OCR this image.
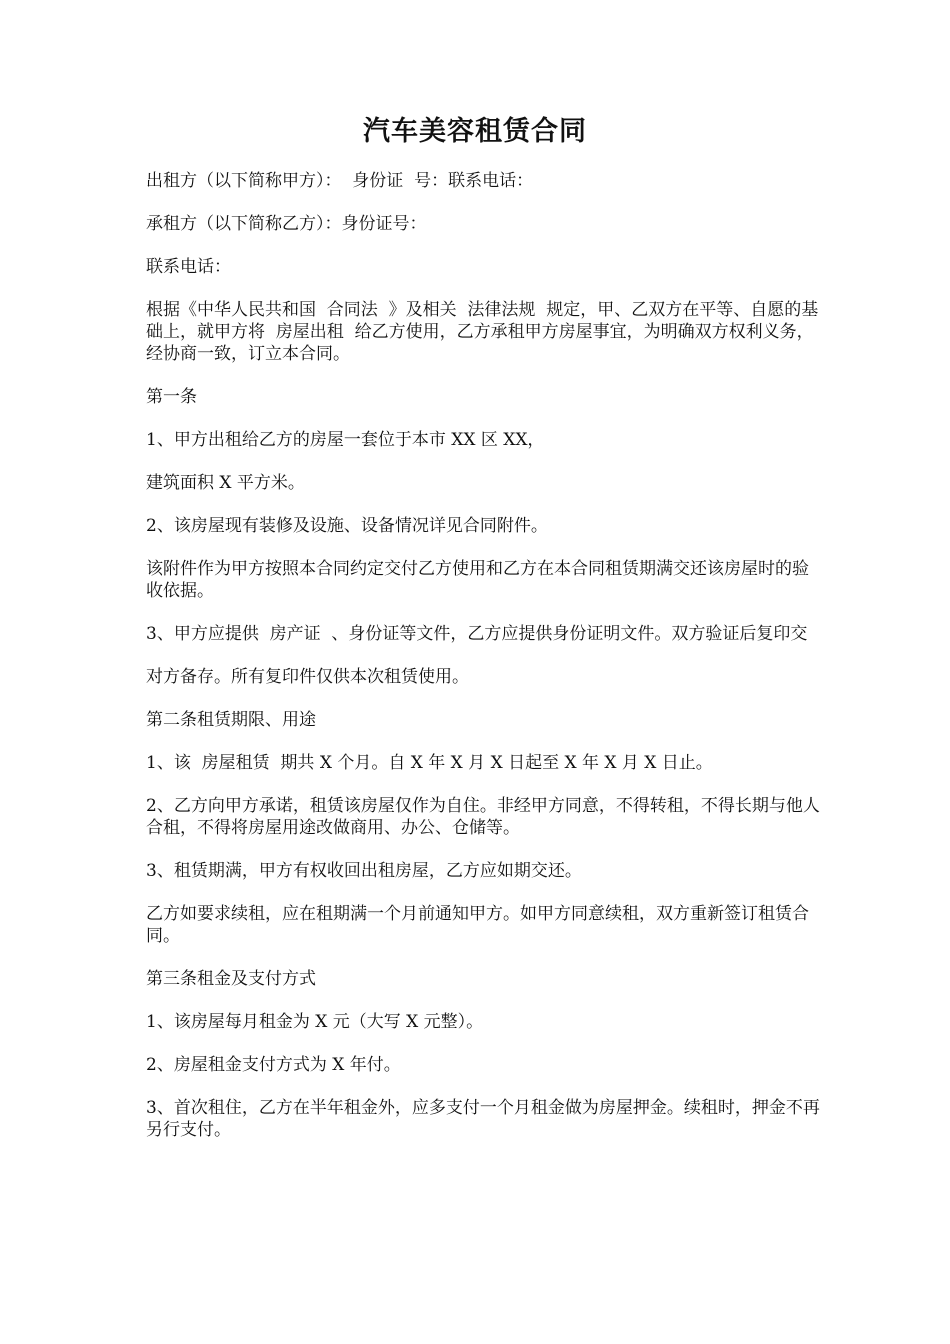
汽车美容租赁合同

出租方（以下简称甲方）：  身份证  号：联系电话：

承租方（以下简称乙方）：身份证号：

联系电话：

根据《中华人民共和国  合同法  》及相关  法律法规  规定，甲、乙双方在平等、自愿的基础上，就甲方将  房屋出租  给乙方使用，乙方承租甲方房屋事宜，为明确双方权利义务，经协商一致，订立本合同。

第一条

1、甲方出租给乙方的房屋一套位于本市 XX 区 XX，

建筑面积 X 平方米。

2、该房屋现有装修及设施、设备情况详见合同附件。

该附件作为甲方按照本合同约定交付乙方使用和乙方在本合同租赁期满交还该房屋时的验收依据。

3、甲方应提供  房产证  、身份证等文件，乙方应提供身份证明文件。双方验证后复印交

对方备存。所有复印件仅供本次租赁使用。

第二条租赁期限、用途

1、该  房屋租赁  期共 X 个月。自 X 年 X 月 X 日起至 X 年 X 月 X 日止。

2、乙方向甲方承诺，租赁该房屋仅作为自住。非经甲方同意，不得转租，不得长期与他人合租，不得将房屋用途改做商用、办公、仓储等。

3、租赁期满，甲方有权收回出租房屋，乙方应如期交还。

乙方如要求续租，应在租期满一个月前通知甲方。如甲方同意续租，双方重新签订租赁合同。

第三条租金及支付方式

1、该房屋每月租金为 X 元（大写 X 元整）。

2、房屋租金支付方式为 X 年付。

3、首次租住，乙方在半年租金外，应多支付一个月租金做为房屋押金。续租时，押金不再另行支付。
